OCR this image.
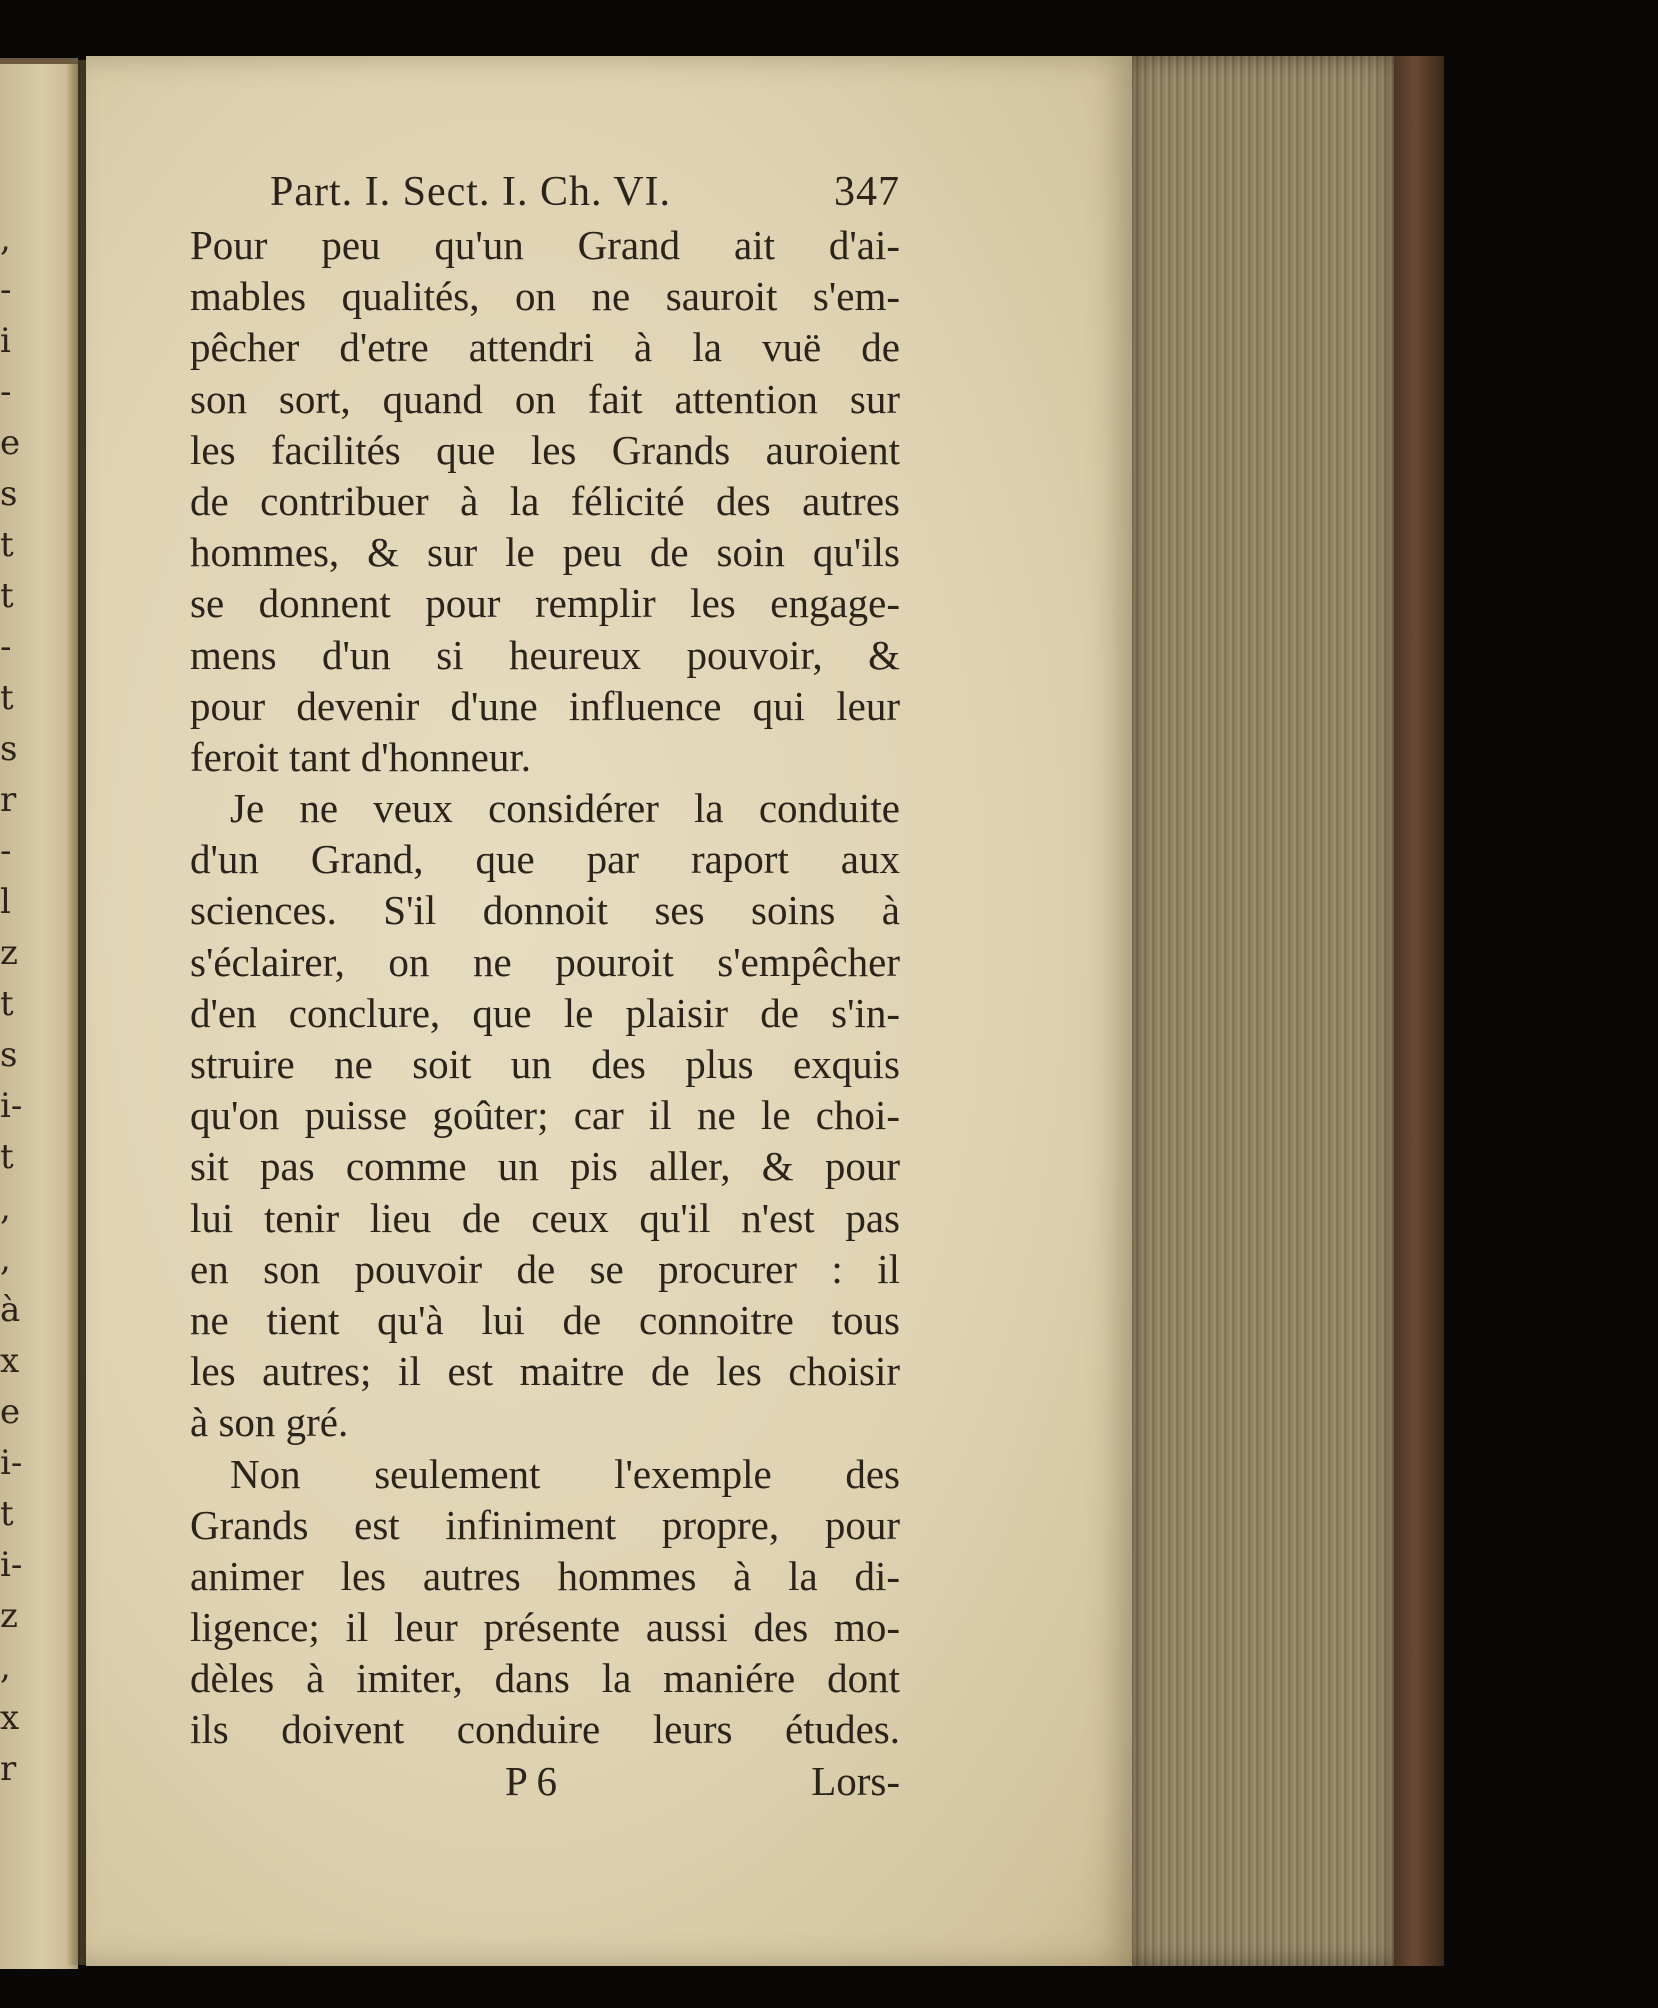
,
-
i
-
e
s
t
t
-
t
s
r
-
l
z
t
s
i-
t
,
,
à
x
e
i-
t
i-
z
,
x
r
Part. I. Sect. I. Ch. VI.	347
Pour peu qu'un Grand ait d'ai-
mables qualités, on ne sauroit s'em-
pêcher d'etre attendri à la vuë de
son sort, quand on fait attention sur
les facilités que les Grands auroient
de contribuer à la félicité des autres
hommes, & sur le peu de soin qu'ils
se donnent pour remplir les engage-
mens d'un si heureux pouvoir, &
pour devenir d'une influence qui leur
feroit tant d'honneur.
Je ne veux considérer la conduite
d'un Grand, que par raport aux
sciences. S'il donnoit ses soins à
s'éclairer, on ne pouroit s'empêcher
d'en conclure, que le plaisir de s'in-
struire ne soit un des plus exquis
qu'on puisse goûter; car il ne le choi-
sit pas comme un pis aller, & pour
lui tenir lieu de ceux qu'il n'est pas
en son pouvoir de se procurer : il
ne tient qu'à lui de connoitre tous
les autres; il est maitre de les choisir
à son gré.
Non seulement l'exemple des
Grands est infiniment propre, pour
animer les autres hommes à la di-
ligence; il leur présente aussi des mo-
dèles à imiter, dans la maniére dont
ils doivent conduire leurs études.
P 6	Lors-
